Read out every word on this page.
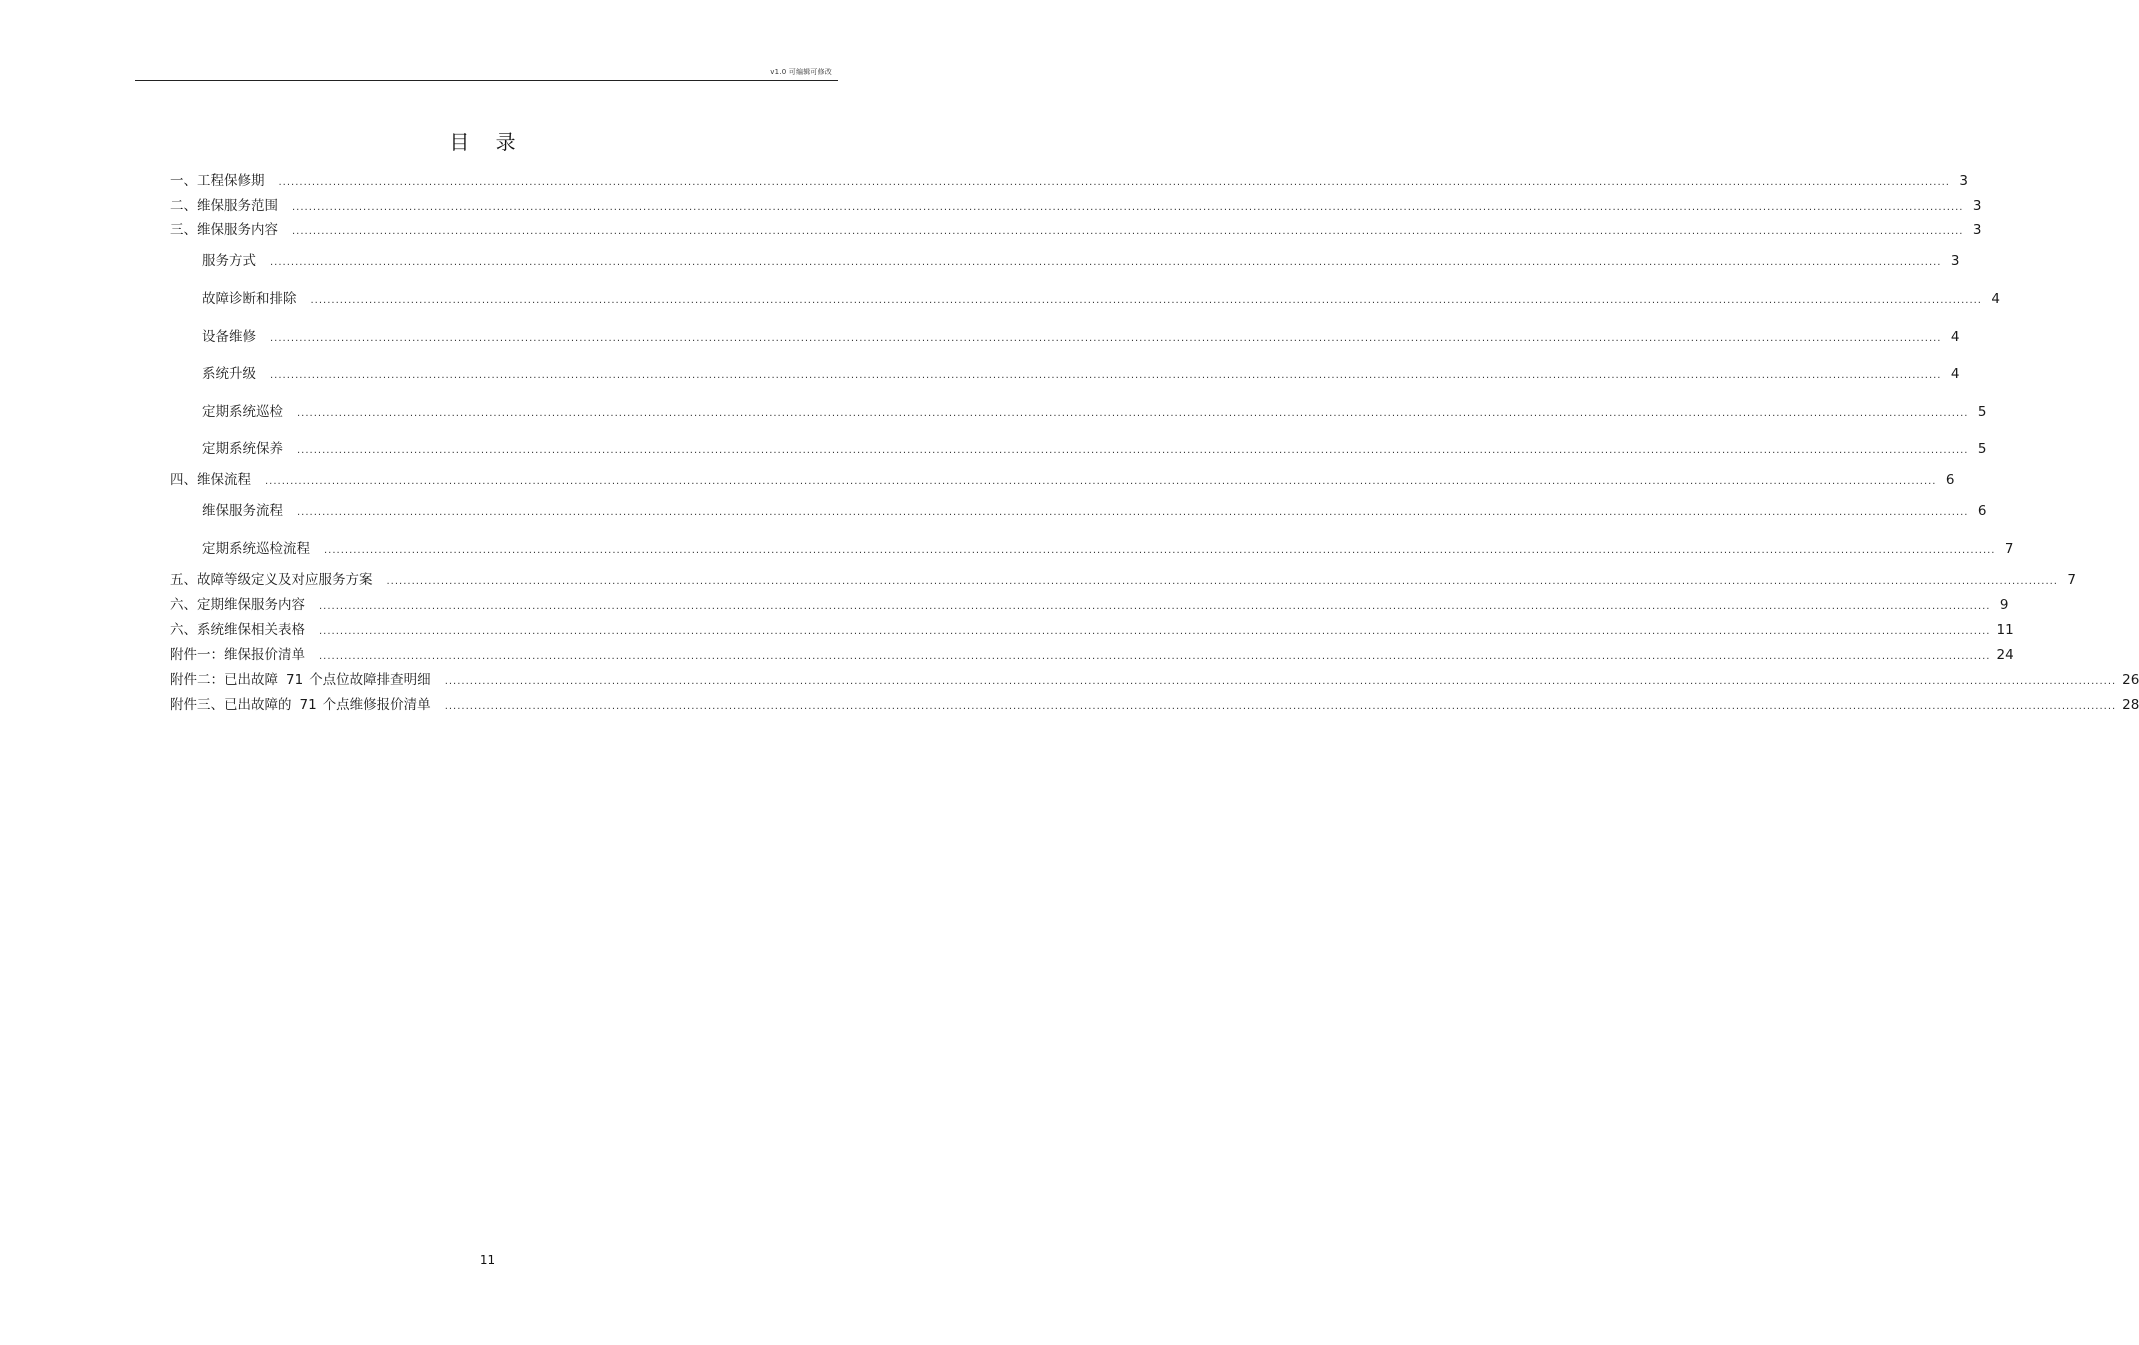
v1.0 可编辑可修改
目 录
一、工程保修期	................................................................................................................................................................................................................................................................................................................................................................................................................ 3
二、维保服务范围	................................................................................................................................................................................................................................................................................................................................................................................................................ 3
三、维保服务内容	................................................................................................................................................................................................................................................................................................................................................................................................................ 3
服务方式	................................................................................................................................................................................................................................................................................................................................................................................................................ 3
故障诊断和排除	................................................................................................................................................................................................................................................................................................................................................................................................................ 4
设备维修	................................................................................................................................................................................................................................................................................................................................................................................................................ 4
系统升级	................................................................................................................................................................................................................................................................................................................................................................................................................ 4
定期系统巡检	................................................................................................................................................................................................................................................................................................................................................................................................................ 5
定期系统保养	................................................................................................................................................................................................................................................................................................................................................................................................................ 5
四、维保流程	................................................................................................................................................................................................................................................................................................................................................................................................................ 6
维保服务流程	................................................................................................................................................................................................................................................................................................................................................................................................................ 6
定期系统巡检流程	................................................................................................................................................................................................................................................................................................................................................................................................................ 7
五、故障等级定义及对应服务方案	................................................................................................................................................................................................................................................................................................................................................................................................................ 7
六、定期维保服务内容	................................................................................................................................................................................................................................................................................................................................................................................................................ 9
六、系统维保相关表格	................................................................................................................................................................................................................................................................................................................................................................................................................ 11
附件一：维保报价清单	................................................................................................................................................................................................................................................................................................................................................................................................................ 24
附件二：已出故障 71 个点位故障排查明细	................................................................................................................................................................................................................................................................................................................................................................................................................ 26
附件三、已出故障的 71 个点维修报价清单	................................................................................................................................................................................................................................................................................................................................................................................................................ 28
11
